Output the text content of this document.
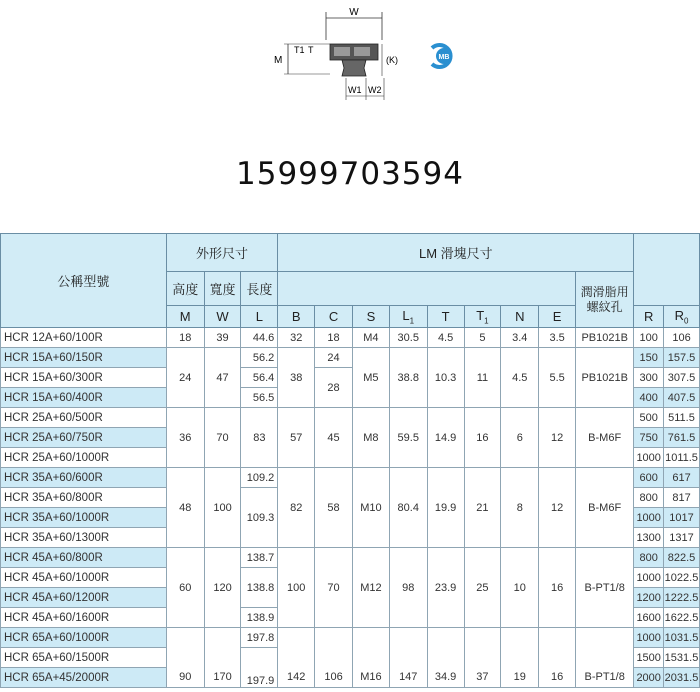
W
M
T1 T
(K)
W1 W2
MB
15999703594
公稱型號	外形尺寸			LM 滑塊尺寸										
	高度	寬度	長度									潤滑脂用螺紋孔		
	M	W	L	B	C	S	$L_1$	T	$T_1$	N	E		R	$R_0$
HCR 12A+60/100R	18	39	44.6	32	18	M4	30.5	4.5	5	3.4	3.5	PB1021B	100	106
HCR 15A+60/150R	24	47	56.2	38	24	M5	38.8	10.3	11	4.5	5.5	PB1021B	150	157.5
HCR 15A+60/300R			56.4		28								300	307.5
HCR 15A+60/400R			56.5										400	407.5
HCR 25A+60/500R	36	70	83	57	45	M8	59.5	14.9	16	6	12	B-M6F	500	511.5
HCR 25A+60/750R													750	761.5
HCR 25A+60/1000R													1000	1011.5
HCR 35A+60/600R	48	100	109.2	82	58	M10	80.4	19.9	21	8	12	B-M6F	600	617
HCR 35A+60/800R			109.3										800	817
HCR 35A+60/1000R													1000	1017
HCR 35A+60/1300R													1300	1317
HCR 45A+60/800R	60	120	138.7	100	70	M12	98	23.9	25	10	16	B-PT1/8	800	822.5
HCR 45A+60/1000R			138.8										1000	1022.5
HCR 45A+60/1200R													1200	1222.5
HCR 45A+60/1600R			138.9										1600	1622.5
HCR 65A+60/1000R	90	170	197.8	142	106	M16	147	34.9	37	19	16	B-PT1/8	1000	1031.5
HCR 65A+60/1500R			197.9										1500	1531.5
HCR 65A+45/2000R													2000	2031.5
